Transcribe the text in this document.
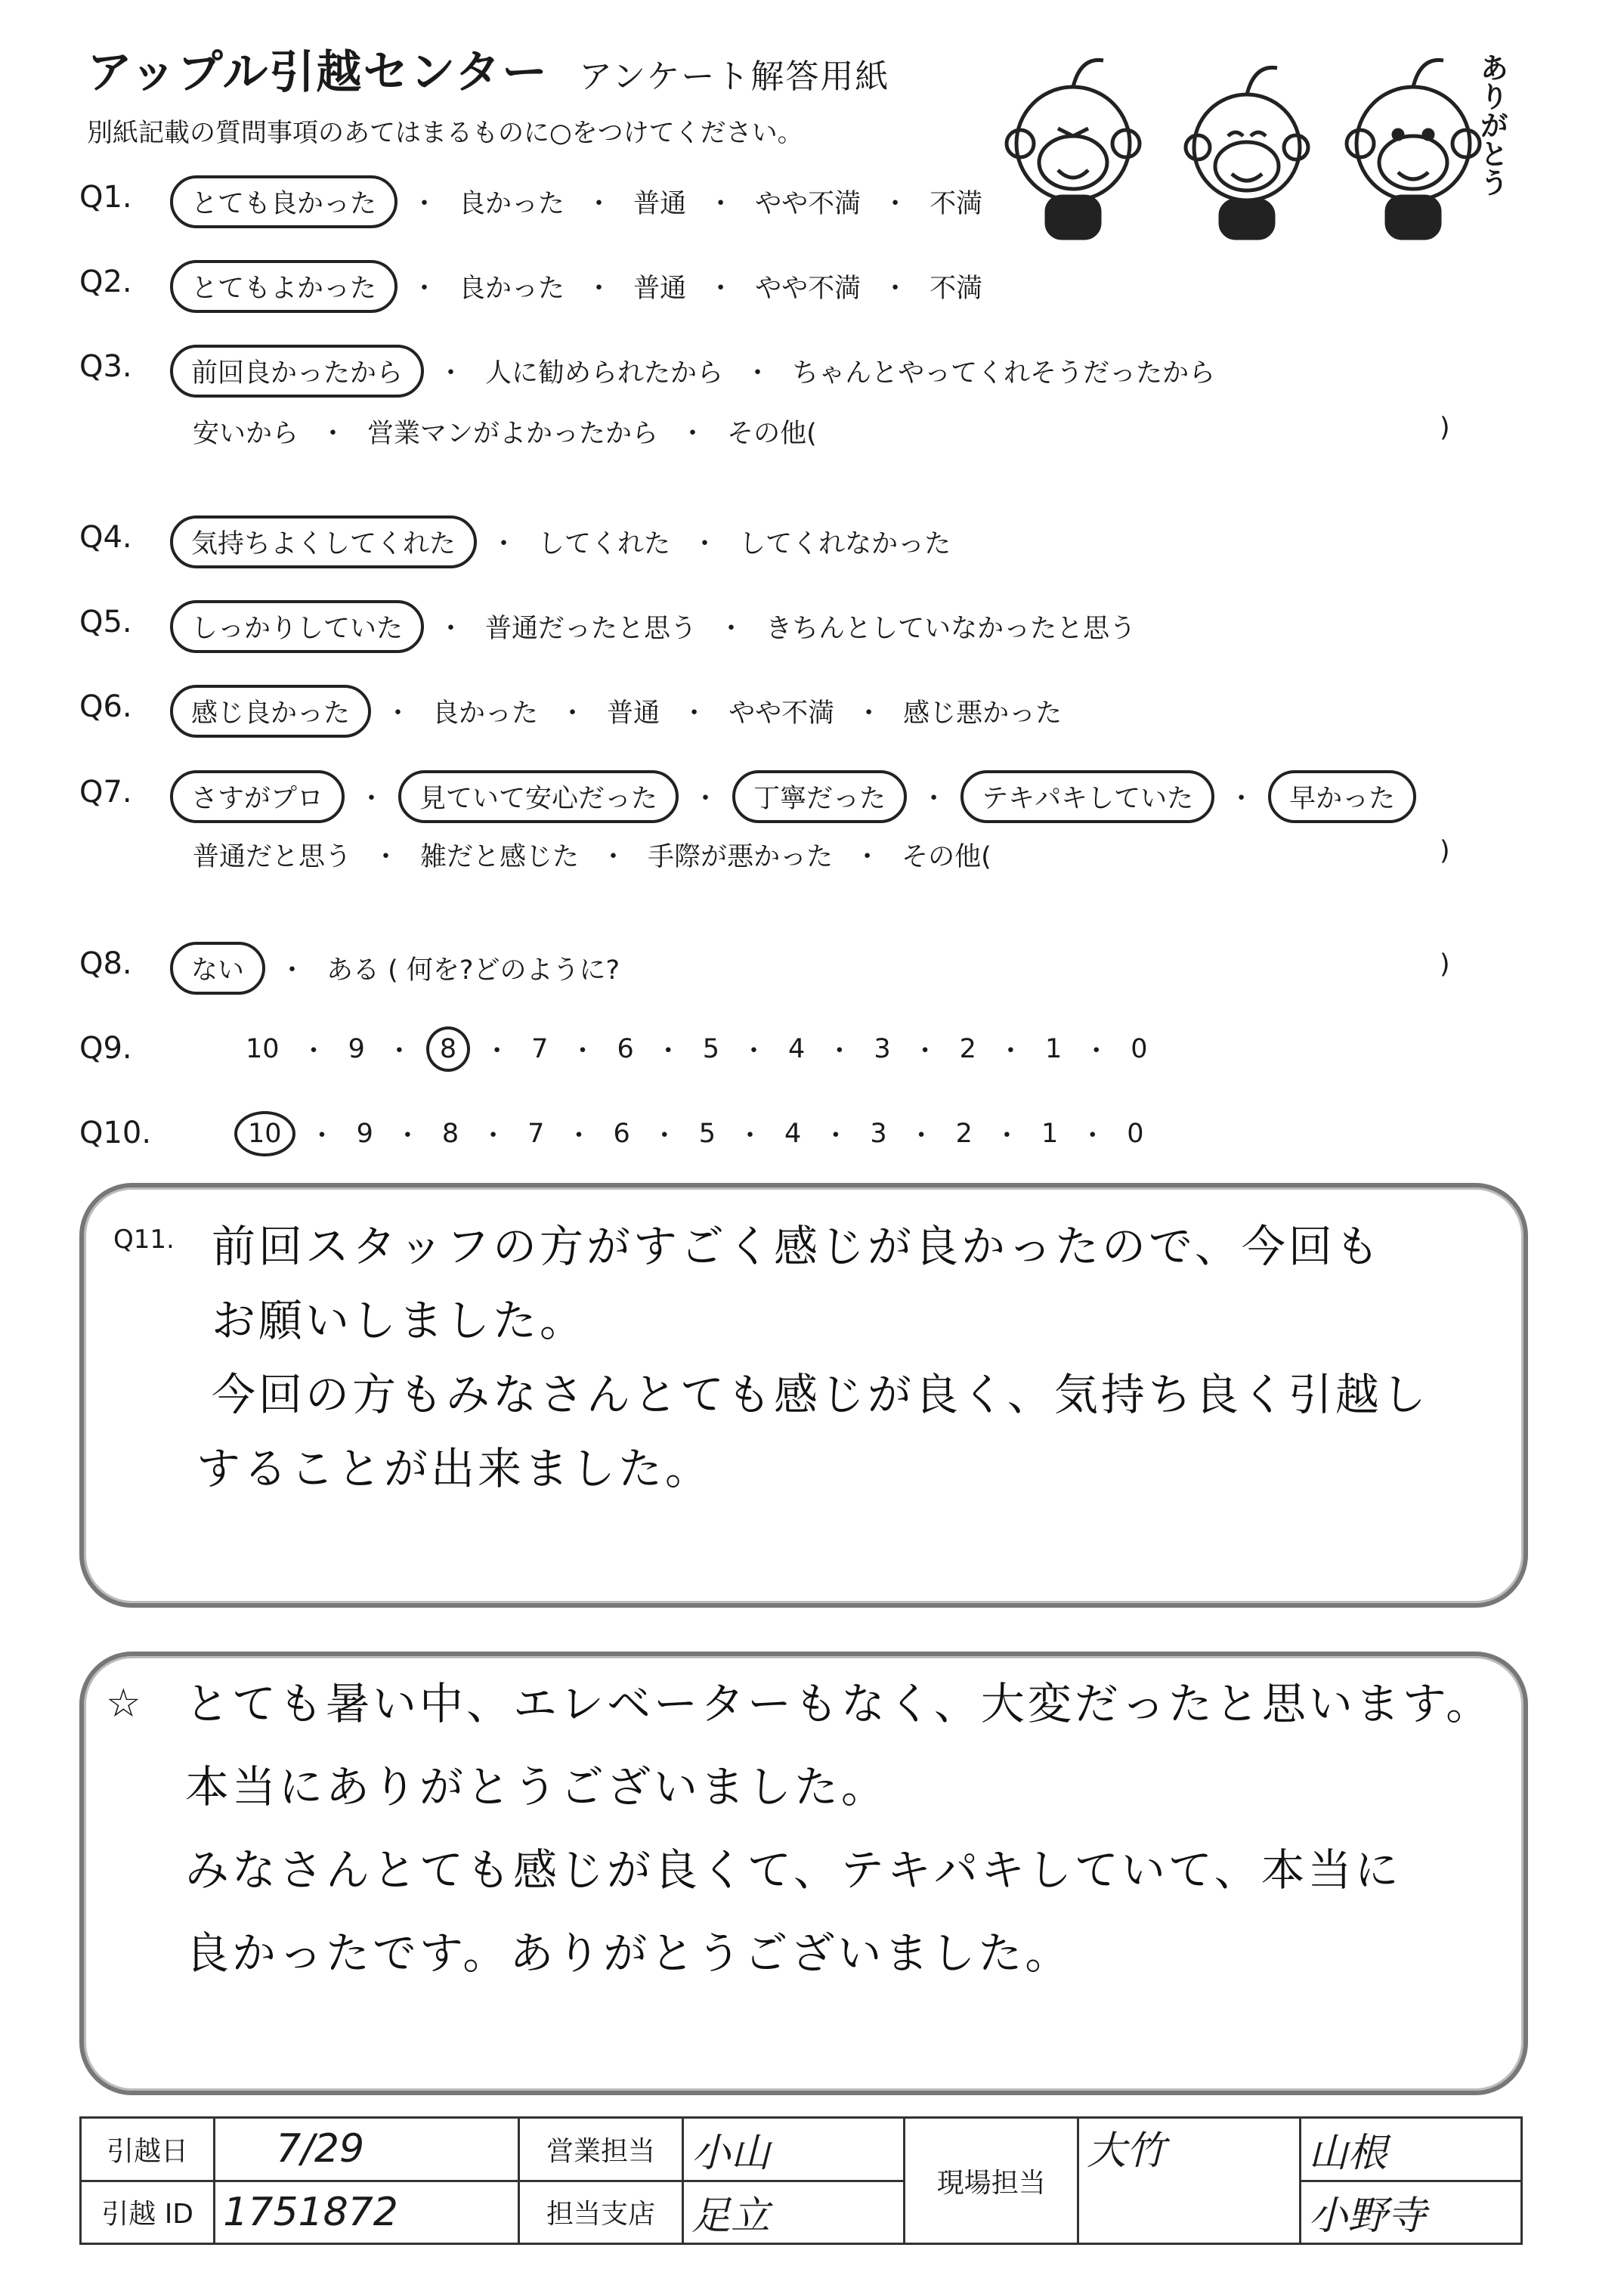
アップル引越センター アンケート解答用紙
別紙記載の質問事項のあてはまるものに○をつけてください。	ありがとう
Q1.	とても良かった	・ 良かった ・ 普通 ・ やや不満 ・ 不満
Q2.	とてもよかった	・ 良かった ・ 普通 ・ やや不満 ・ 不満
Q3.	前回良かったから	・ 人に勧められたから ・ ちゃんとやってくれそうだったから
安いから ・ 営業マンがよかったから ・ その他(	)
Q4.	気持ちよくしてくれた	・ してくれた ・ してくれなかった
Q5.	しっかりしていた	・ 普通だったと思う ・ きちんとしていなかったと思う
Q6.	感じ良かった	・ 良かった ・ 普通 ・ やや不満 ・ 感じ悪かった
Q7.	さすがプロ	・	見ていて安心だった	・	丁寧だった	・	テキパキしていた	・	早かった
普通だと思う ・ 雑だと感じた ・ 手際が悪かった ・ その他(	)
Q8.	ない	・ ある ( 何を?どのように?	)
Q9.	10 ・ 9 ・	8	・ 7 ・ 6 ・ 5 ・ 4 ・ 3 ・ 2 ・ 1 ・ 0
Q10.	10	・ 9 ・ 8 ・ 7 ・ 6 ・ 5 ・ 4 ・ 3 ・ 2 ・ 1 ・ 0
Q11. 前回スタッフの方がすごく感じが良かったので、今回も
お願いしました。
今回の方もみなさんとても感じが良く、気持ち良く引越し
することが出来ました。
☆ とても暑い中、エレベーターもなく、大変だったと思います。
本当にありがとうございました。
みなさんとても感じが良くて、テキパキしていて、本当に
良かったです。ありがとうございました。
引越日	7/29	営業担当	小山	現場担当	大竹	山根
引越 ID	1751872	担当支店	足立			小野寺
